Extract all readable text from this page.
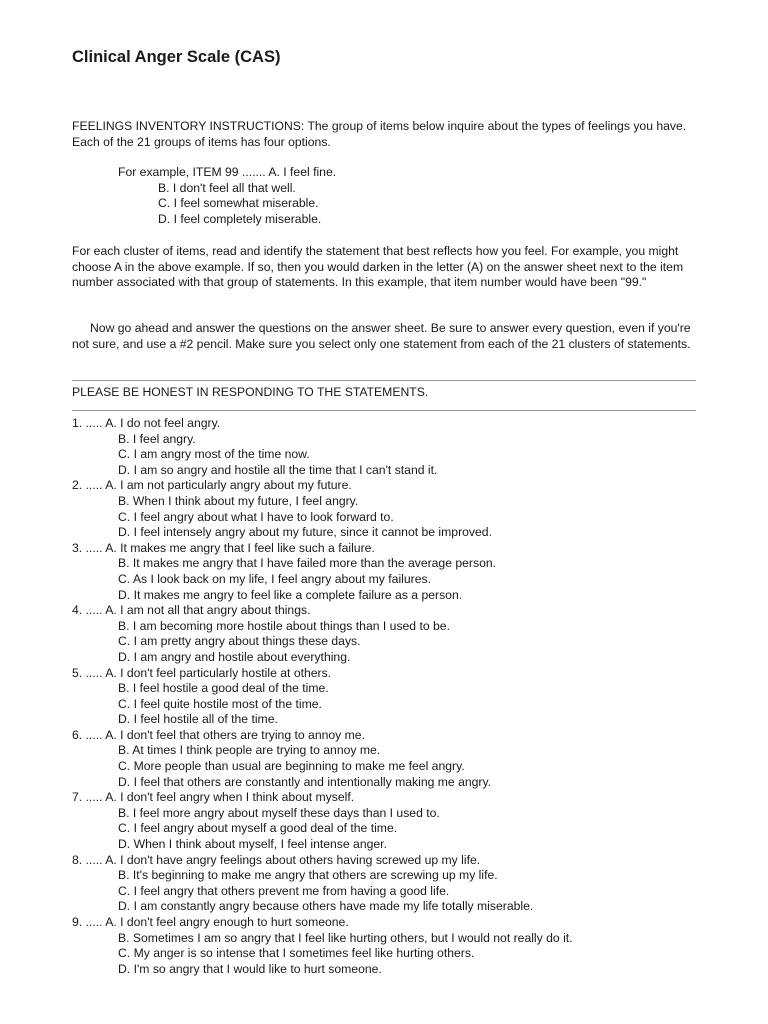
Clinical Anger Scale (CAS)

FEELINGS INVENTORY INSTRUCTIONS: The group of items below inquire about the types of feelings you have. Each of the 21 groups of items has four options.

For example, ITEM 99 ....... A. I feel fine.
B. I don't feel all that well.
C. I feel somewhat miserable.
D. I feel completely miserable.

For each cluster of items, read and identify the statement that best reflects how you feel. For example, you might choose A in the above example. If so, then you would darken in the letter (A) on the answer sheet next to the item number associated with that group of statements. In this example, that item number would have been "99."

Now go ahead and answer the questions on the answer sheet. Be sure to answer every question, even if you're not sure, and use a #2 pencil. Make sure you select only one statement from each of the 21 clusters of statements.

PLEASE BE HONEST IN RESPONDING TO THE STATEMENTS.
1. ..... A. I do not feel angry.
B. I feel angry.
C. I am angry most of the time now.
D. I am so angry and hostile all the time that I can't stand it.
2. ..... A. I am not particularly angry about my future.
B. When I think about my future, I feel angry.
C. I feel angry about what I have to look forward to.
D. I feel intensely angry about my future, since it cannot be improved.
3. ..... A. It makes me angry that I feel like such a failure.
B. It makes me angry that I have failed more than the average person.
C. As I look back on my life, I feel angry about my failures.
D. It makes me angry to feel like a complete failure as a person.
4. ..... A. I am not all that angry about things.
B. I am becoming more hostile about things than I used to be.
C. I am pretty angry about things these days.
D. I am angry and hostile about everything.
5. ..... A. I don't feel particularly hostile at others.
B. I feel hostile a good deal of the time.
C. I feel quite hostile most of the time.
D. I feel hostile all of the time.
6. ..... A. I don't feel that others are trying to annoy me.
B. At times I think people are trying to annoy me.
C. More people than usual are beginning to make me feel angry.
D. I feel that others are constantly and intentionally making me angry.
7. ..... A. I don't feel angry when I think about myself.
B. I feel more angry about myself these days than I used to.
C. I feel angry about myself a good deal of the time.
D. When I think about myself, I feel intense anger.
8. ..... A. I don't have angry feelings about others having screwed up my life.
B. It's beginning to make me angry that others are screwing up my life.
C. I feel angry that others prevent me from having a good life.
D. I am constantly angry because others have made my life totally miserable.
9. ..... A. I don't feel angry enough to hurt someone.
B. Sometimes I am so angry that I feel like hurting others, but I would not really do it.
C. My anger is so intense that I sometimes feel like hurting others.
D. I'm so angry that I would like to hurt someone.
